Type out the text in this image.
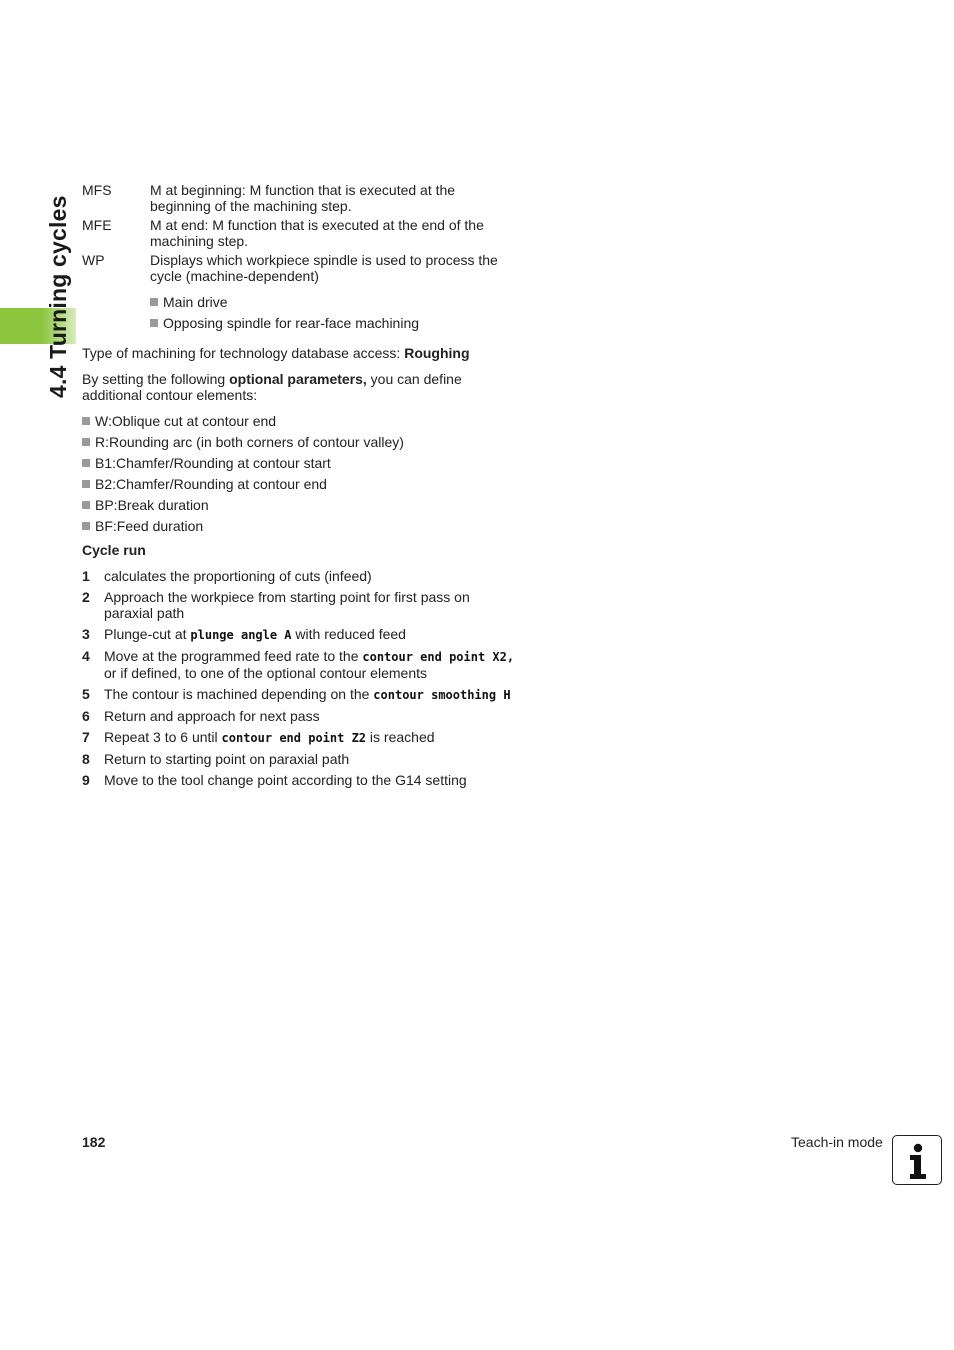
4.4 Turning cycles
MFS	M at beginning: M function that is executed at the
beginning of the machining step.
MFE	M at end: M function that is executed at the end of the
machining step.
WP	Displays which workpiece spindle is used to process the
cycle (machine-dependent)
Main drive
Opposing spindle for rear-face machining
Type of machining for technology database access: Roughing
By setting the following optional parameters, you can define
additional contour elements:
W:Oblique cut at contour end
R:Rounding arc (in both corners of contour valley)
B1:Chamfer/Rounding at contour start
B2:Chamfer/Rounding at contour end
BP:Break duration
BF:Feed duration
Cycle run
1	calculates the proportioning of cuts (infeed)
2	Approach the workpiece from starting point for first pass on
paraxial path
3	Plunge-cut at plunge angle A with reduced feed
4	Move at the programmed feed rate to the contour end point X2,
or if defined, to one of the optional contour elements
5	The contour is machined depending on the contour smoothing H
6	Return and approach for next pass
7	Repeat 3 to 6 until contour end point Z2 is reached
8	Return to starting point on paraxial path
9	Move to the tool change point according to the G14 setting
182	Teach-in mode
